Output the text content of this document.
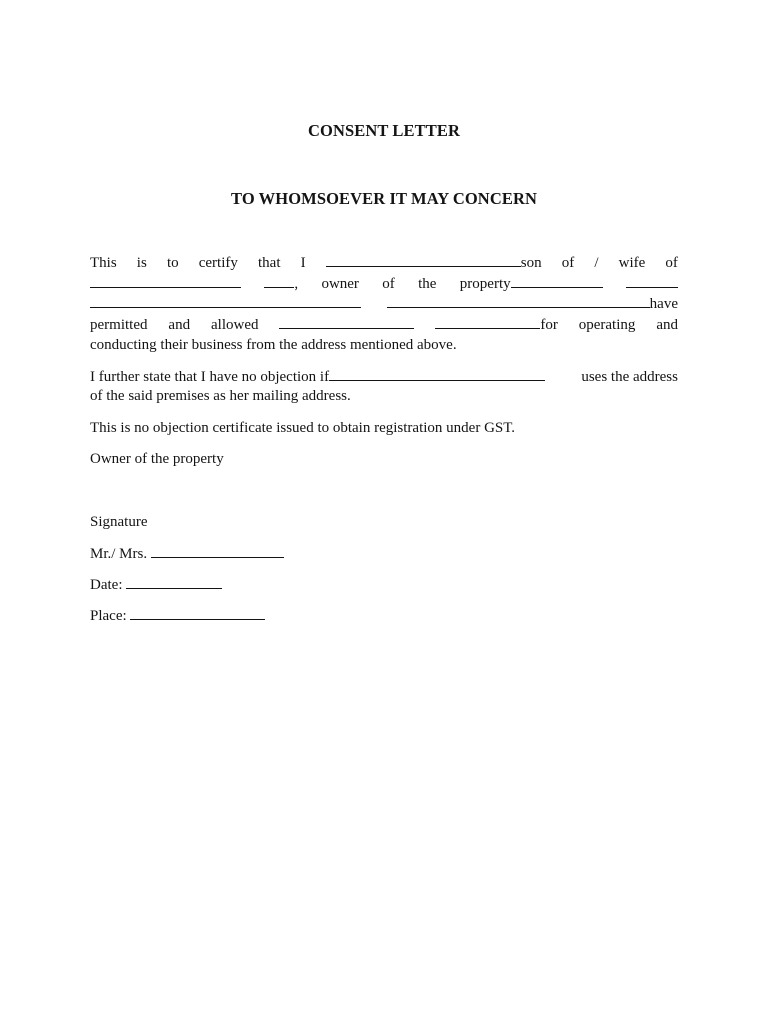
CONSENT LETTER
TO WHOMSOEVER IT MAY CONCERN
This is to certify that I	son of / wife of
, owner of the property
have
permitted and allowed	for operating and
conducting their business from the address mentioned above.
I further state that I have no objection if	uses the address
of the said premises as her mailing address.
This is no objection certificate issued to obtain registration under GST.
Owner of the property
Signature
Mr./ Mrs.
Date:
Place:
